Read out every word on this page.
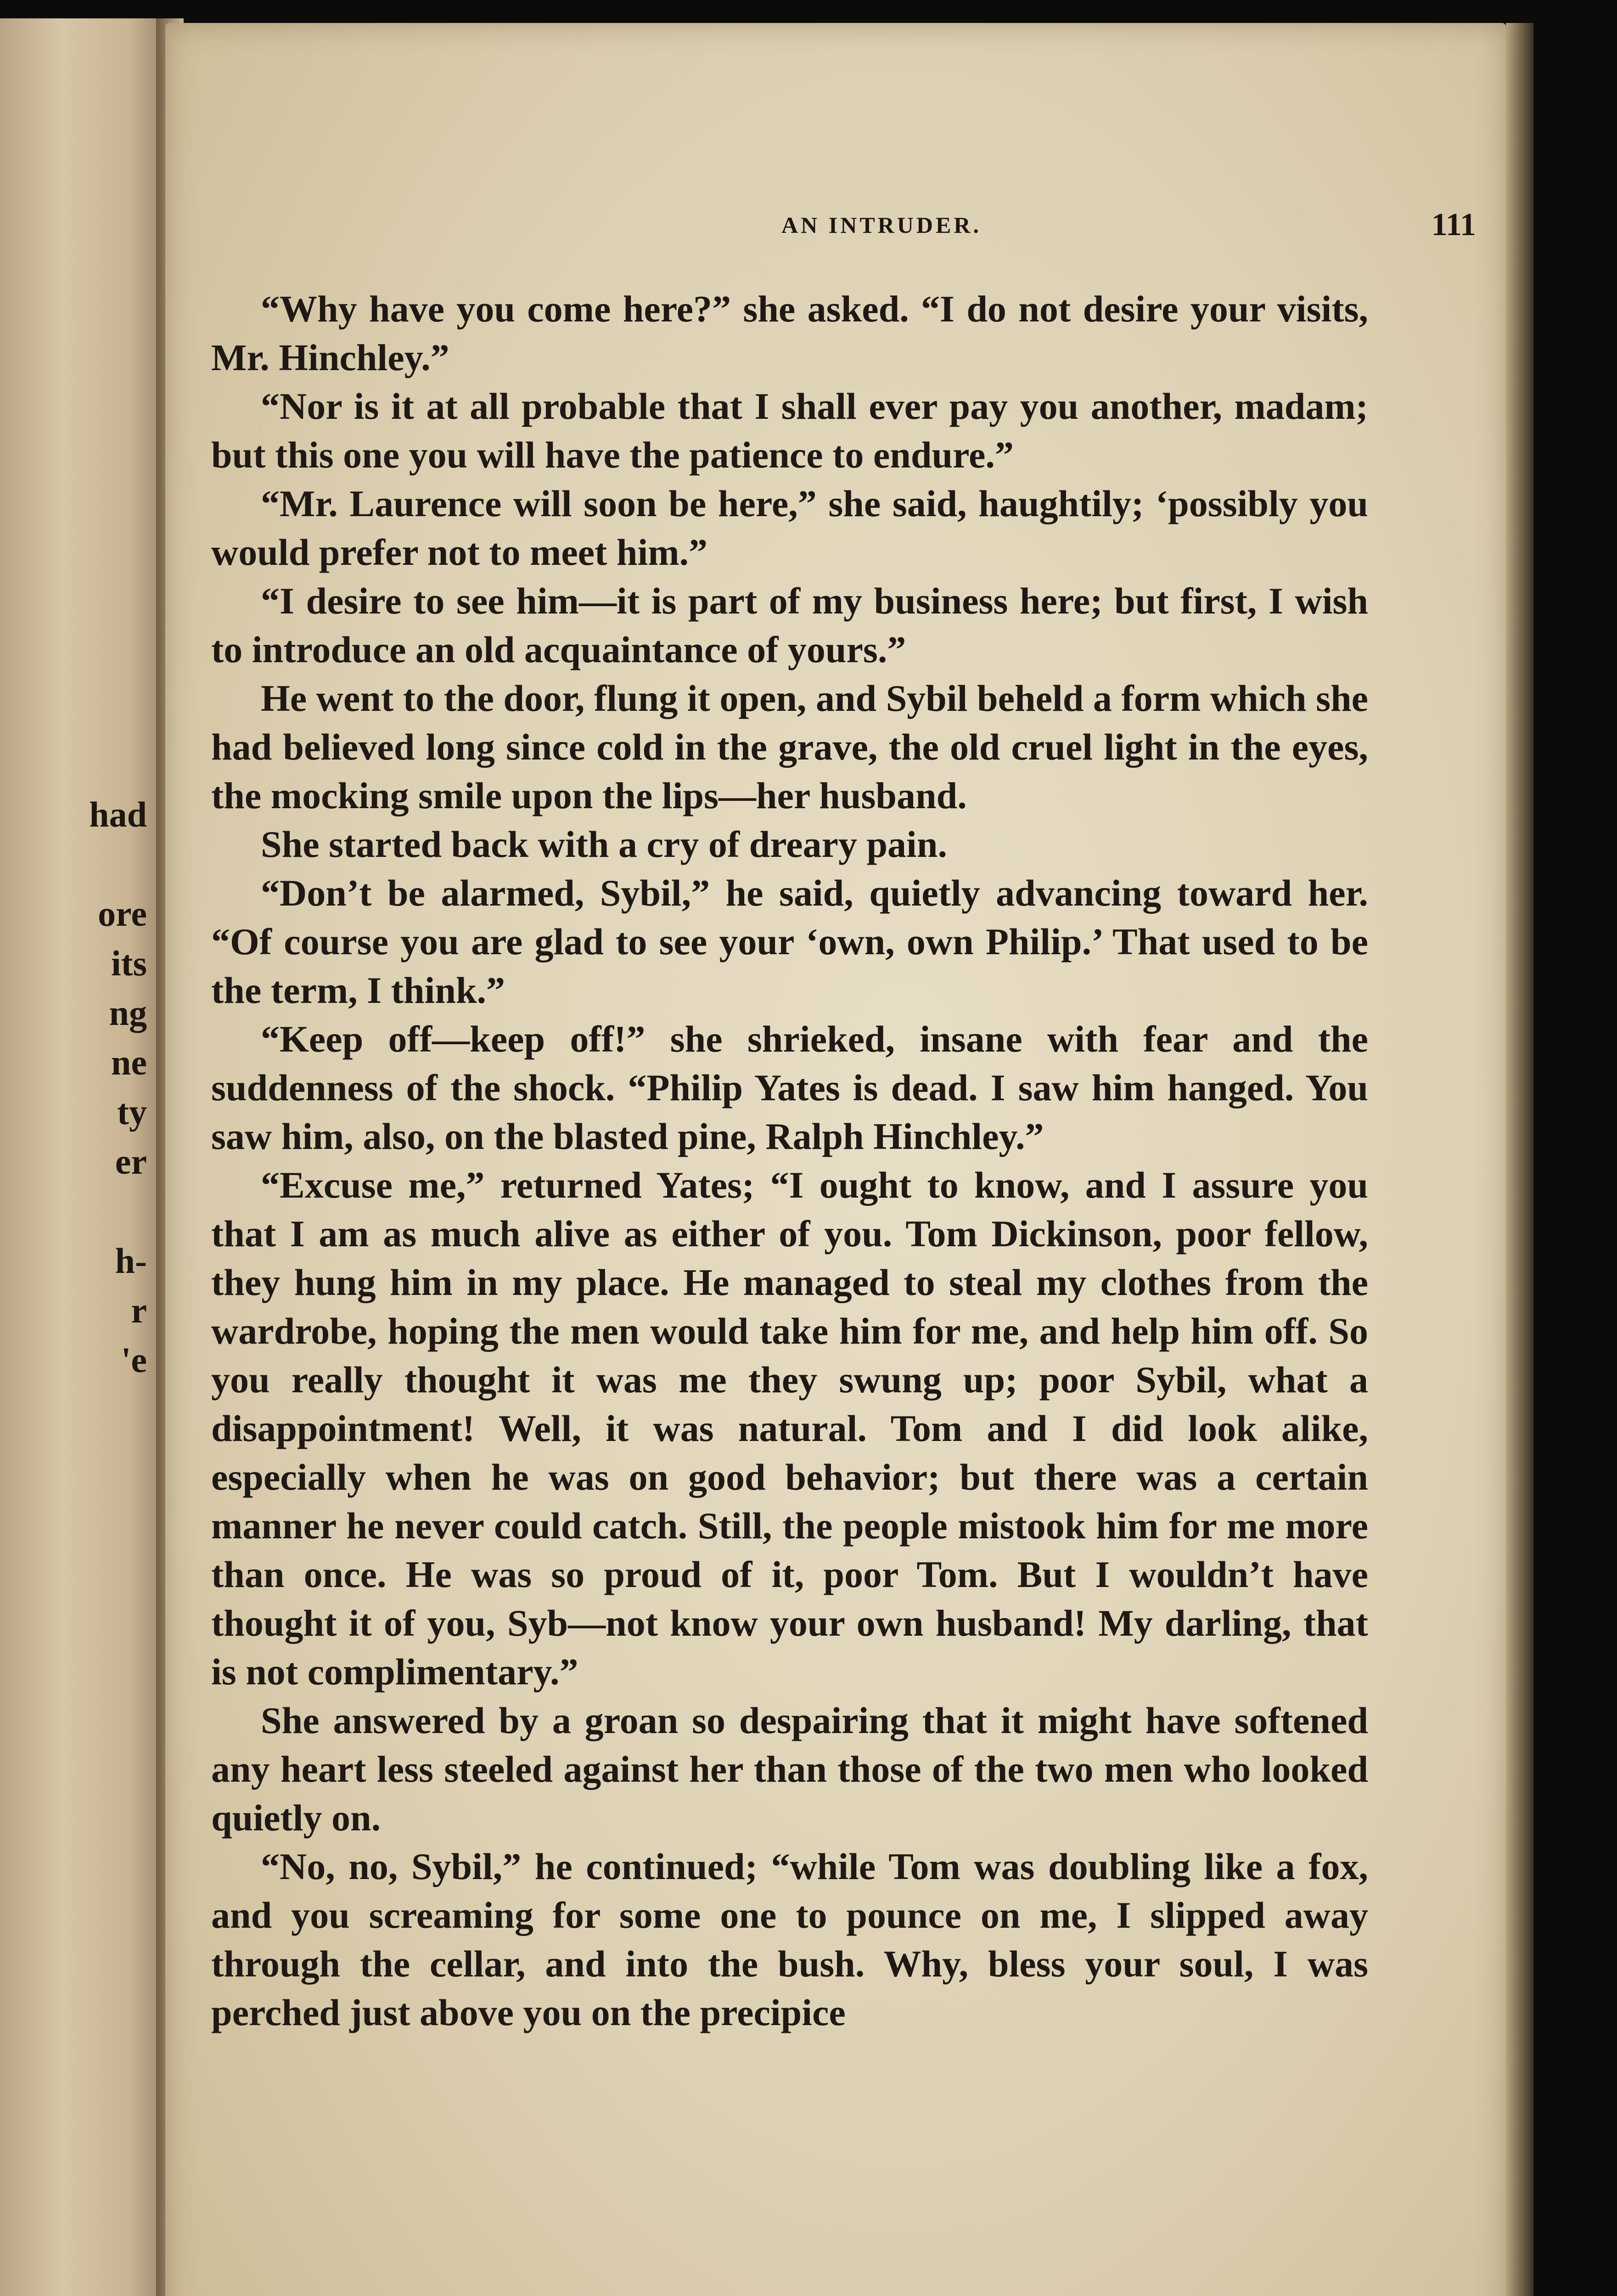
had

ore
its
ng
ne
ty
er

h-
r
'e
AN INTRUDER.	111

“Why have you come here?” she asked. “I do not desire your visits, Mr. Hinchley.”

“Nor is it at all probable that I shall ever pay you another, madam; but this one you will have the patience to endure.”

“Mr. Laurence will soon be here,” she said, haughtily; ‘possibly you would prefer not to meet him.”

“I desire to see him—it is part of my business here; but first, I wish to introduce an old acquaintance of yours.”

He went to the door, flung it open, and Sybil beheld a form which she had believed long since cold in the grave, the old cruel light in the eyes, the mocking smile upon the lips—her husband.

She started back with a cry of dreary pain.

“Don’t be alarmed, Sybil,” he said, quietly advancing toward her. “Of course you are glad to see your ‘own, own Philip.’ That used to be the term, I think.”

“Keep off—keep off!” she shrieked, insane with fear and the suddenness of the shock. “Philip Yates is dead. I saw him hanged. You saw him, also, on the blasted pine, Ralph Hinchley.”

“Excuse me,” returned Yates; “I ought to know, and I assure you that I am as much alive as either of you. Tom Dickinson, poor fellow, they hung him in my place. He managed to steal my clothes from the wardrobe, hoping the men would take him for me, and help him off. So you really thought it was me they swung up; poor Sybil, what a disappointment! Well, it was natural. Tom and I did look alike, especially when he was on good behavior; but there was a certain manner he never could catch. Still, the people mistook him for me more than once. He was so proud of it, poor Tom. But I wouldn’t have thought it of you, Syb—not know your own husband! My darling, that is not complimentary.”

She answered by a groan so despairing that it might have softened any heart less steeled against her than those of the two men who looked quietly on.

“No, no, Sybil,” he continued; “while Tom was doubling like a fox, and you screaming for some one to pounce on me, I slipped away through the cellar, and into the bush. Why, bless your soul, I was perched just above you on the precipice
